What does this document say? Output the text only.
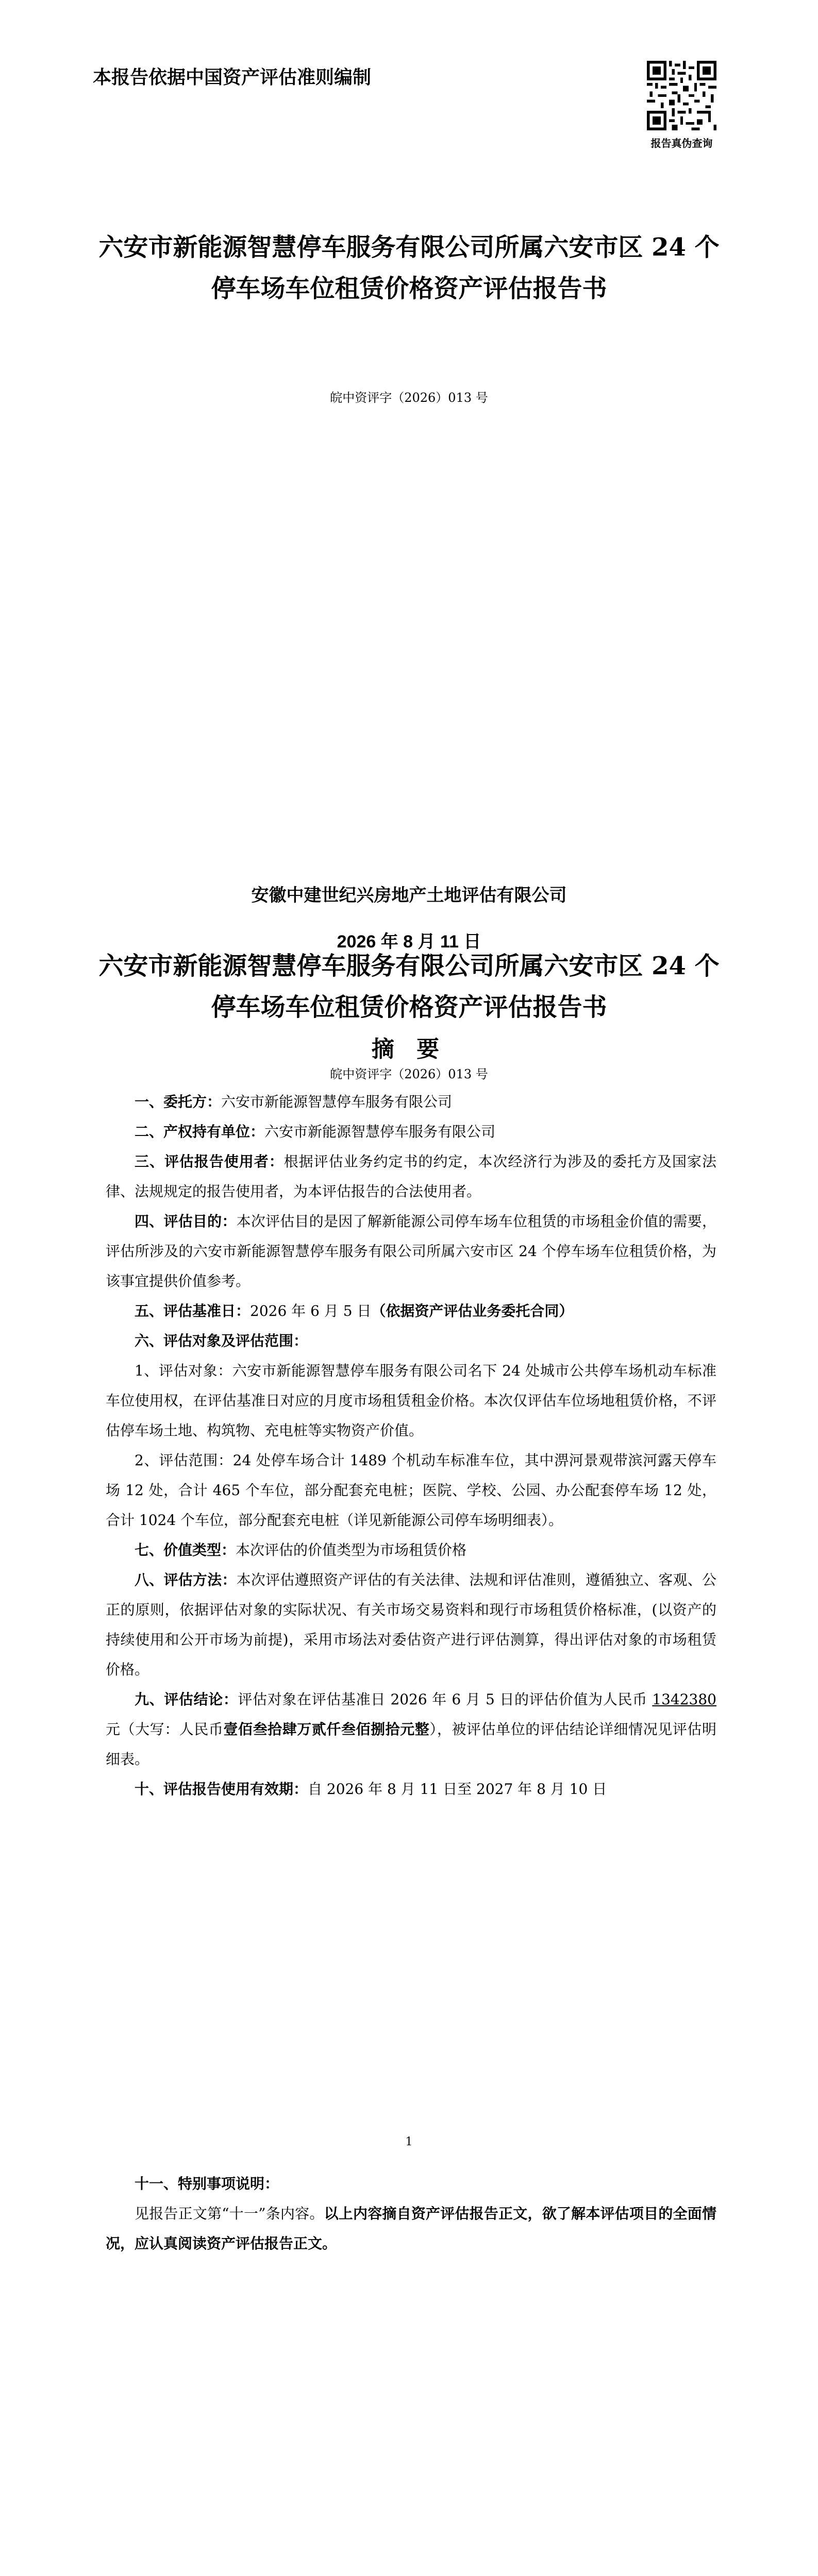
本报告依据中国资产评估准则编制
报告真伪查询
六安市新能源智慧停车服务有限公司所属六安市区 24 个
停车场车位租赁价格资产评估报告书
皖中资评字（2026）013 号
安徽中建世纪兴房地产土地评估有限公司
2026 年 8 月 11 日
六安市新能源智慧停车服务有限公司所属六安市区 24 个
停车场车位租赁价格资产评估报告书
摘 要
皖中资评字（2026）013 号

一、委托方：六安市新能源智慧停车服务有限公司

二、产权持有单位：六安市新能源智慧停车服务有限公司

三、评估报告使用者：根据评估业务约定书的约定，本次经济行为涉及的委托方及国家法律、法规规定的报告使用者，为本评估报告的合法使用者。

四、评估目的：本次评估目的是因了解新能源公司停车场车位租赁的市场租金价值的需要，评估所涉及的六安市新能源智慧停车服务有限公司所属六安市区 24 个停车场车位租赁价格，为该事宜提供价值参考。

五、评估基准日：2026 年 6 月 5 日（依据资产评估业务委托合同）

六、评估对象及评估范围：

1、评估对象：六安市新能源智慧停车服务有限公司名下 24 处城市公共停车场机动车标准车位使用权，在评估基准日对应的月度市场租赁租金价格。本次仅评估车位场地租赁价格，不评估停车场土地、构筑物、充电桩等实物资产价值。

2、评估范围：24 处停车场合计 1489 个机动车标准车位，其中淠河景观带滨河露天停车场 12 处，合计 465 个车位，部分配套充电桩；医院、学校、公园、办公配套停车场 12 处，合计 1024 个车位，部分配套充电桩（详见新能源公司停车场明细表）。

七、价值类型：本次评估的价值类型为市场租赁价格

八、评估方法：本次评估遵照资产评估的有关法律、法规和评估准则，遵循独立、客观、公正的原则，依据评估对象的实际状况、有关市场交易资料和现行市场租赁价格标准，(以资产的持续使用和公开市场为前提)，采用市场法对委估资产进行评估测算，得出评估对象的市场租赁价格。

九、评估结论：评估对象在评估基准日 2026 年 6 月 5 日的评估价值为人民币 1342380元（大写：人民币壹佰叁拾肆万贰仟叁佰捌拾元整），被评估单位的评估结论详细情况见评估明细表。

十、评估报告使用有效期：自 2026 年 8 月 11 日至 2027 年 8 月 10 日

1

十一、特别事项说明：

见报告正文第“十一”条内容。以上内容摘自资产评估报告正文，欲了解本评估项目的全面情况，应认真阅读资产评估报告正文。
